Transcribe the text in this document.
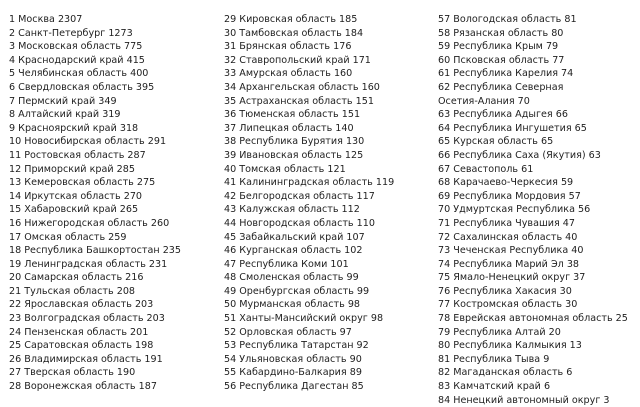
1 Москва 2307
2 Санкт-Петербург 1273
3 Московская область 775
4 Краснодарский край 415
5 Челябинская область 400
6 Свердловская область 395
7 Пермский край 349
8 Алтайский край 319
9 Красноярский край 318
10 Новосибирская область 291
11 Ростовская область 287
12 Приморский край 285
13 Кемеровская область 275
14 Иркутская область 270
15 Хабаровский край 265
16 Нижегородская область 260
17 Омская область 259
18 Республика Башкортостан 235
19 Ленинградская область 231
20 Самарская область 216
21 Тульская область 208
22 Ярославская область 203
23 Волгоградская область 203
24 Пензенская область 201
25 Саратовская область 198
26 Владимирская область 191
27 Тверская область 190
28 Воронежская область 187
29 Кировская область 185
30 Тамбовская область 184
31 Брянская область 176
32 Ставропольский край 171
33 Амурская область 160
34 Архангельская область 160
35 Астраханская область 151
36 Тюменская область 151
37 Липецкая область 140
38 Республика Бурятия 130
39 Ивановская область 125
40 Томская область 121
41 Калининградская область 119
42 Белгородская область 117
43 Калужская область 112
44 Новгородская область 110
45 Забайкальский край 107
46 Курганская область 102
47 Республика Коми 101
48 Смоленская область 99
49 Оренбургская область 99
50 Мурманская область 98
51 Ханты-Мансийский округ 98
52 Орловская область 97
53 Республика Татарстан 92
54 Ульяновская область 90
55 Кабардино-Балкария 89
56 Республика Дагестан 85
57 Вологодская область 81
58 Рязанская область 80
59 Республика Крым 79
60 Псковская область 77
61 Республика Карелия 74
62 Республика Северная
Осетия-Алания 70
63 Республика Адыгея 66
64 Республика Ингушетия 65
65 Курская область 65
66 Республика Саха (Якутия) 63
67 Севастополь 61
68 Карачаево-Черкесия 59
69 Республика Мордовия 57
70 Удмуртская Республика 56
71 Республика Чувашия 47
72 Сахалинская область 40
73 Чеченская Республика 40
74 Республика Марий Эл 38
75 Ямало-Ненецкий округ 37
76 Республика Хакасия 30
77 Костромская область 30
78 Еврейская автономная область 25
79 Республика Алтай 20
80 Республика Калмыкия 13
81 Республика Тыва 9
82 Магаданская область 6
83 Камчатский край 6
84 Ненецкий автономный округ 3
